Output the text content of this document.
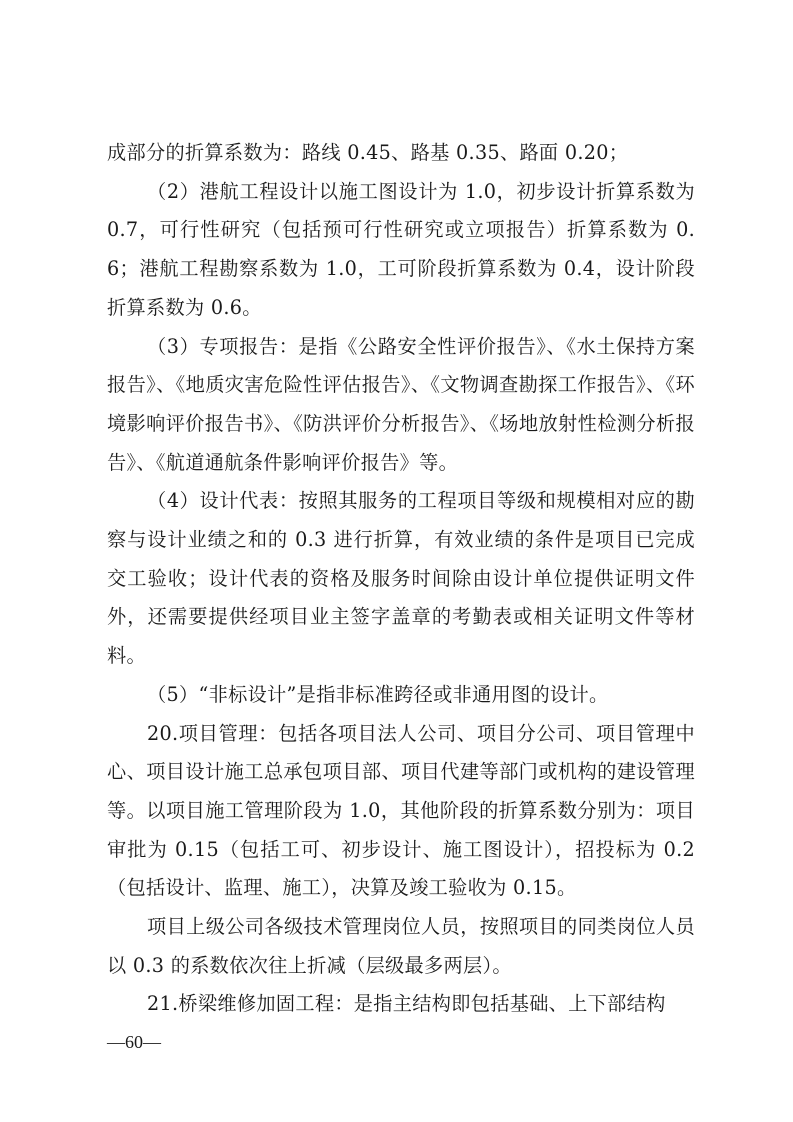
成部分的折算系数为：路线 0.45、路基 0.35、路面 0.20；

（2）港航工程设计以施工图设计为 1.0，初步设计折算系数为 0.7，可行性研究（包括预可行性研究或立项报告）折算系数为 0.6；港航工程勘察系数为 1.0，工可阶段折算系数为 0.4，设计阶段折算系数为 0.6。

（3）专项报告：是指《公路安全性评价报告》、《水土保持方案报告》、《地质灾害危险性评估报告》、《文物调查勘探工作报告》、《环境影响评价报告书》、《防洪评价分析报告》、《场地放射性检测分析报告》、《航道通航条件影响评价报告》等。

（4）设计代表：按照其服务的工程项目等级和规模相对应的勘察与设计业绩之和的 0.3 进行折算，有效业绩的条件是项目已完成交工验收；设计代表的资格及服务时间除由设计单位提供证明文件外，还需要提供经项目业主签字盖章的考勤表或相关证明文件等材料。

（5）“非标设计”是指非标准跨径或非通用图的设计。

20.项目管理：包括各项目法人公司、项目分公司、项目管理中心、项目设计施工总承包项目部、项目代建等部门或机构的建设管理等。以项目施工管理阶段为 1.0，其他阶段的折算系数分别为：项目审批为 0.15（包括工可、初步设计、施工图设计），招投标为 0.2（包括设计、监理、施工），决算及竣工验收为 0.15。

项目上级公司各级技术管理岗位人员，按照项目的同类岗位人员以 0.3 的系数依次往上折减（层级最多两层）。

21.桥梁维修加固工程：是指主结构即包括基础、上下部结构

—60—
